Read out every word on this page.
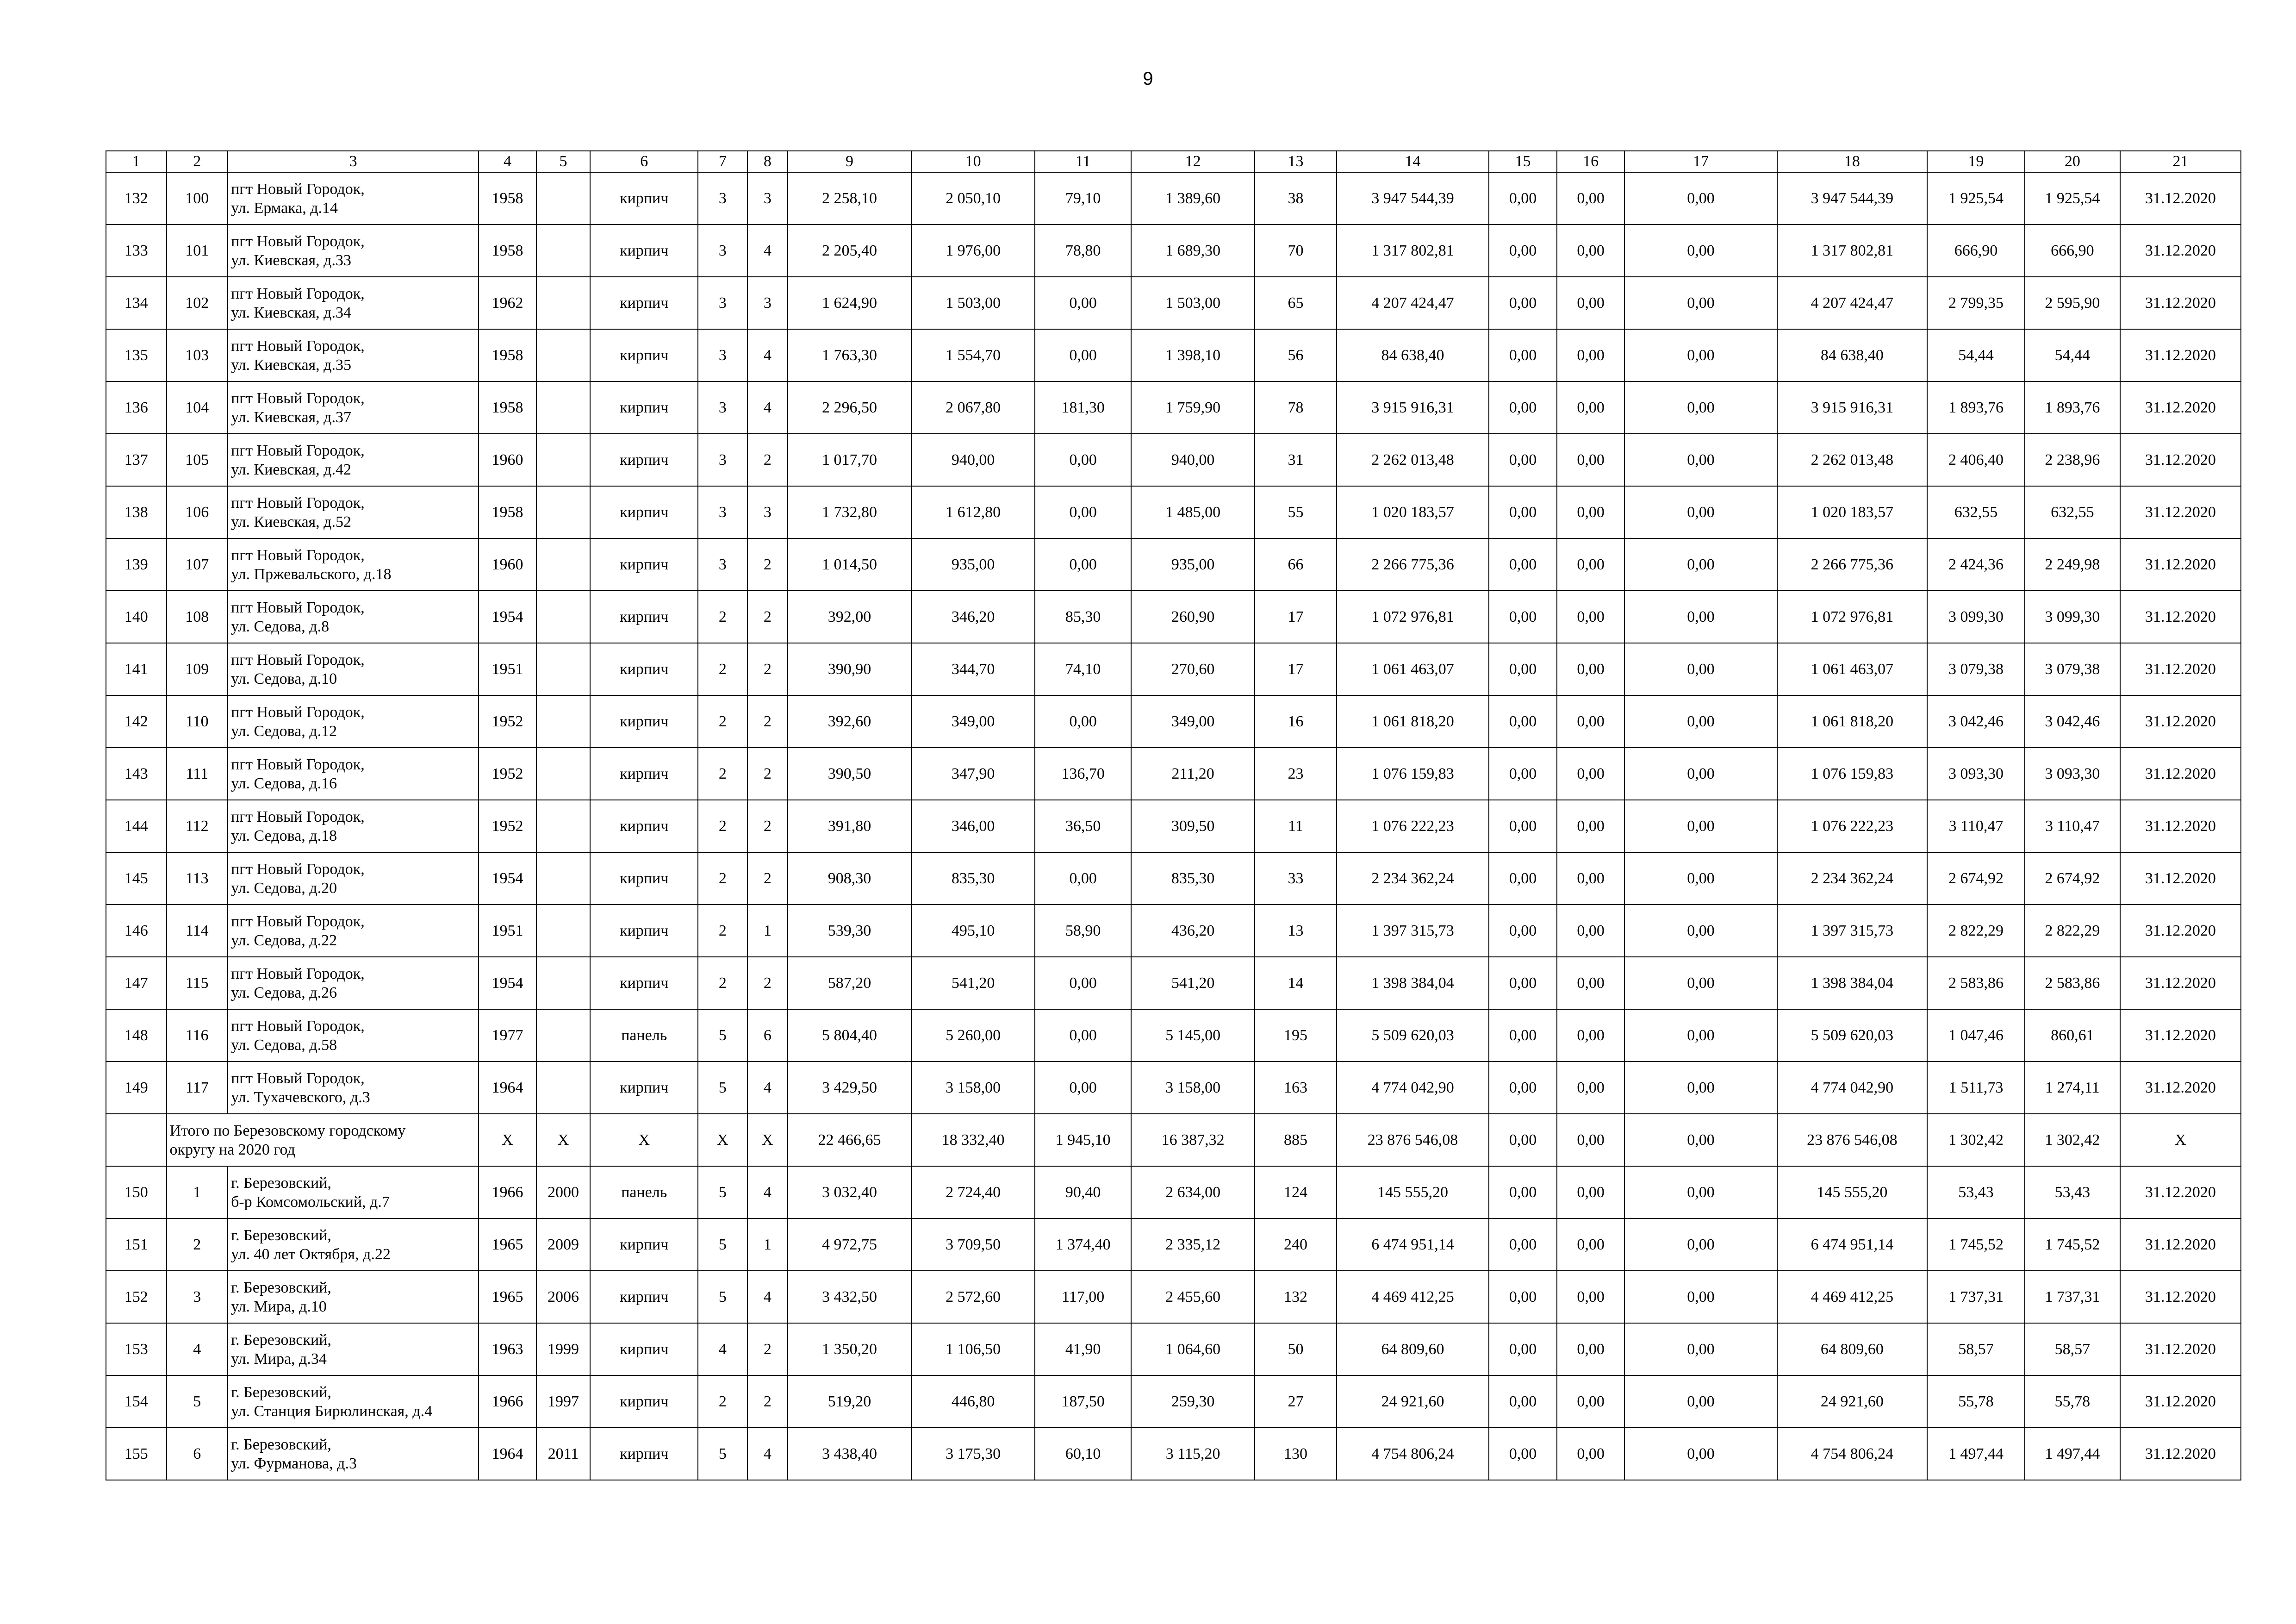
9
1	2	3	4	5	6	7	8	9	10	11	12	13	14	15	16	17	18	19	20	21
132	100	пгт Новый Городок,
ул. Ермака, д.14	1958		кирпич	3	3	2 258,10	2 050,10	79,10	1 389,60	38	3 947 544,39	0,00	0,00	0,00	3 947 544,39	1 925,54	1 925,54	31.12.2020
133	101	пгт Новый Городок,
ул. Киевская, д.33	1958		кирпич	3	4	2 205,40	1 976,00	78,80	1 689,30	70	1 317 802,81	0,00	0,00	0,00	1 317 802,81	666,90	666,90	31.12.2020
134	102	пгт Новый Городок,
ул. Киевская, д.34	1962		кирпич	3	3	1 624,90	1 503,00	0,00	1 503,00	65	4 207 424,47	0,00	0,00	0,00	4 207 424,47	2 799,35	2 595,90	31.12.2020
135	103	пгт Новый Городок,
ул. Киевская, д.35	1958		кирпич	3	4	1 763,30	1 554,70	0,00	1 398,10	56	84 638,40	0,00	0,00	0,00	84 638,40	54,44	54,44	31.12.2020
136	104	пгт Новый Городок,
ул. Киевская, д.37	1958		кирпич	3	4	2 296,50	2 067,80	181,30	1 759,90	78	3 915 916,31	0,00	0,00	0,00	3 915 916,31	1 893,76	1 893,76	31.12.2020
137	105	пгт Новый Городок,
ул. Киевская, д.42	1960		кирпич	3	2	1 017,70	940,00	0,00	940,00	31	2 262 013,48	0,00	0,00	0,00	2 262 013,48	2 406,40	2 238,96	31.12.2020
138	106	пгт Новый Городок,
ул. Киевская, д.52	1958		кирпич	3	3	1 732,80	1 612,80	0,00	1 485,00	55	1 020 183,57	0,00	0,00	0,00	1 020 183,57	632,55	632,55	31.12.2020
139	107	пгт Новый Городок,
ул. Пржевальского, д.18	1960		кирпич	3	2	1 014,50	935,00	0,00	935,00	66	2 266 775,36	0,00	0,00	0,00	2 266 775,36	2 424,36	2 249,98	31.12.2020
140	108	пгт Новый Городок,
ул. Седова, д.8	1954		кирпич	2	2	392,00	346,20	85,30	260,90	17	1 072 976,81	0,00	0,00	0,00	1 072 976,81	3 099,30	3 099,30	31.12.2020
141	109	пгт Новый Городок,
ул. Седова, д.10	1951		кирпич	2	2	390,90	344,70	74,10	270,60	17	1 061 463,07	0,00	0,00	0,00	1 061 463,07	3 079,38	3 079,38	31.12.2020
142	110	пгт Новый Городок,
ул. Седова, д.12	1952		кирпич	2	2	392,60	349,00	0,00	349,00	16	1 061 818,20	0,00	0,00	0,00	1 061 818,20	3 042,46	3 042,46	31.12.2020
143	111	пгт Новый Городок,
ул. Седова, д.16	1952		кирпич	2	2	390,50	347,90	136,70	211,20	23	1 076 159,83	0,00	0,00	0,00	1 076 159,83	3 093,30	3 093,30	31.12.2020
144	112	пгт Новый Городок,
ул. Седова, д.18	1952		кирпич	2	2	391,80	346,00	36,50	309,50	11	1 076 222,23	0,00	0,00	0,00	1 076 222,23	3 110,47	3 110,47	31.12.2020
145	113	пгт Новый Городок,
ул. Седова, д.20	1954		кирпич	2	2	908,30	835,30	0,00	835,30	33	2 234 362,24	0,00	0,00	0,00	2 234 362,24	2 674,92	2 674,92	31.12.2020
146	114	пгт Новый Городок,
ул. Седова, д.22	1951		кирпич	2	1	539,30	495,10	58,90	436,20	13	1 397 315,73	0,00	0,00	0,00	1 397 315,73	2 822,29	2 822,29	31.12.2020
147	115	пгт Новый Городок,
ул. Седова, д.26	1954		кирпич	2	2	587,20	541,20	0,00	541,20	14	1 398 384,04	0,00	0,00	0,00	1 398 384,04	2 583,86	2 583,86	31.12.2020
148	116	пгт Новый Городок,
ул. Седова, д.58	1977		панель	5	6	5 804,40	5 260,00	0,00	5 145,00	195	5 509 620,03	0,00	0,00	0,00	5 509 620,03	1 047,46	860,61	31.12.2020
149	117	пгт Новый Городок,
ул. Тухачевского, д.3	1964		кирпич	5	4	3 429,50	3 158,00	0,00	3 158,00	163	4 774 042,90	0,00	0,00	0,00	4 774 042,90	1 511,73	1 274,11	31.12.2020

	Итого по Березовскому городскому
округу на 2020 год		X	X	X	X	X	22 466,65	18 332,40	1 945,10	16 387,32	885	23 876 546,08	0,00	0,00	0,00	23 876 546,08	1 302,42	1 302,42	X
150	1	г. Березовский,
б-р Комсомольский, д.7	1966	2000	панель	5	4	3 032,40	2 724,40	90,40	2 634,00	124	145 555,20	0,00	0,00	0,00	145 555,20	53,43	53,43	31.12.2020
151	2	г. Березовский,
ул. 40 лет Октября, д.22	1965	2009	кирпич	5	1	4 972,75	3 709,50	1 374,40	2 335,12	240	6 474 951,14	0,00	0,00	0,00	6 474 951,14	1 745,52	1 745,52	31.12.2020
152	3	г. Березовский,
ул. Мира, д.10	1965	2006	кирпич	5	4	3 432,50	2 572,60	117,00	2 455,60	132	4 469 412,25	0,00	0,00	0,00	4 469 412,25	1 737,31	1 737,31	31.12.2020
153	4	г. Березовский,
ул. Мира, д.34	1963	1999	кирпич	4	2	1 350,20	1 106,50	41,90	1 064,60	50	64 809,60	0,00	0,00	0,00	64 809,60	58,57	58,57	31.12.2020
154	5	г. Березовский,
ул. Станция Бирюлинская, д.4	1966	1997	кирпич	2	2	519,20	446,80	187,50	259,30	27	24 921,60	0,00	0,00	0,00	24 921,60	55,78	55,78	31.12.2020
155	6	г. Березовский,
ул. Фурманова, д.3	1964	2011	кирпич	5	4	3 438,40	3 175,30	60,10	3 115,20	130	4 754 806,24	0,00	0,00	0,00	4 754 806,24	1 497,44	1 497,44	31.12.2020
